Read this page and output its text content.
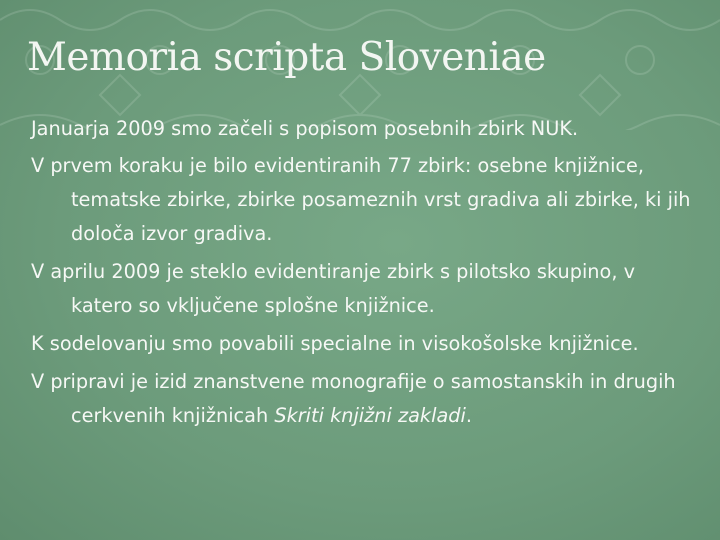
Memoria scripta Sloveniae
Januarja 2009 smo začeli s popisom posebnih zbirk NUK.
V prvem koraku je bilo evidentiranih 77 zbirk: osebne knjižnice, tematske zbirke, zbirke posameznih vrst gradiva ali zbirke, ki jih določa izvor gradiva.
V aprilu 2009 je steklo evidentiranje zbirk s pilotsko skupino, v katero so vključene splošne knjižnice.
K sodelovanju smo povabili specialne in visokošolske knjižnice.
V pripravi je izid znanstvene monografije o samostanskih in drugih cerkvenih knjižnicah Skriti knjižni zakladi.
